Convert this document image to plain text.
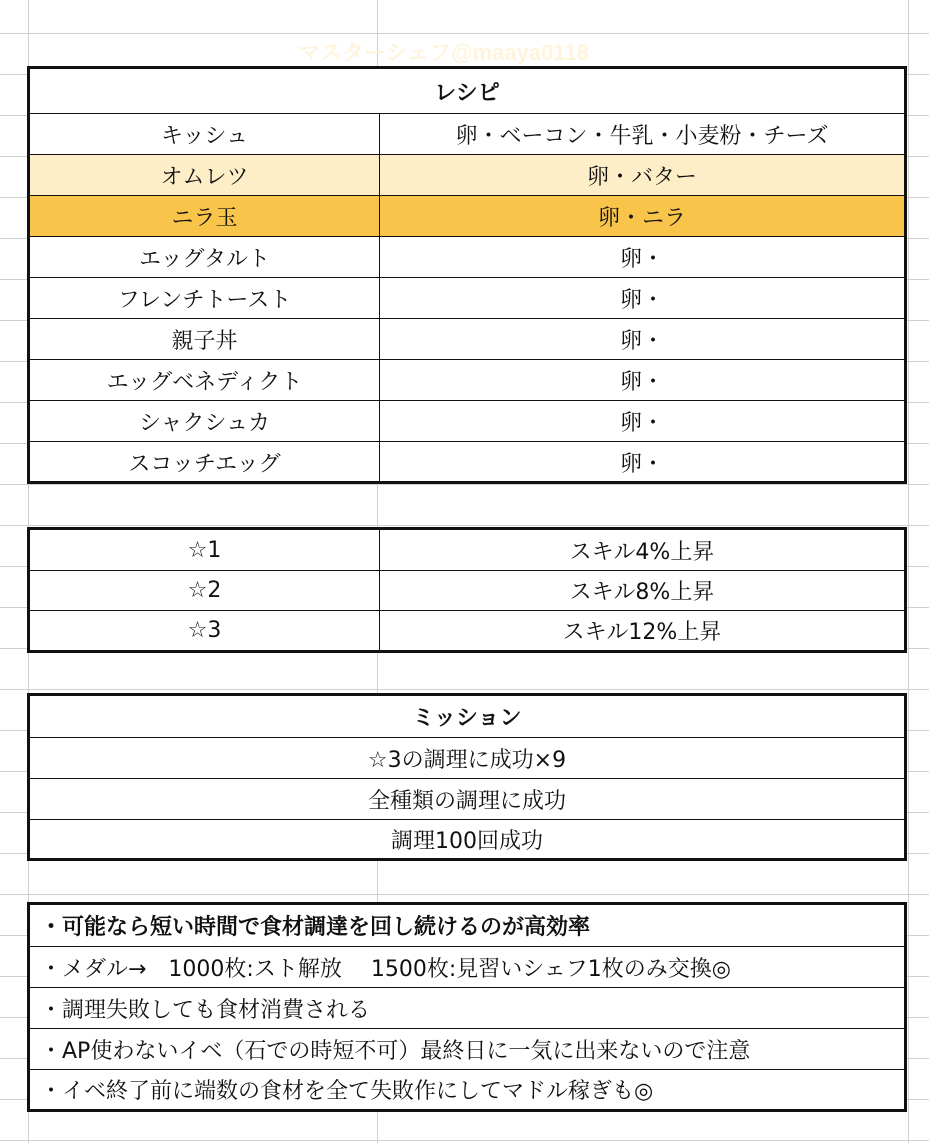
マスターシェフ@maaya0118
レシピ
キッシュ	卵・ベーコン・牛乳・小麦粉・チーズ
オムレツ	卵・バター
ニラ玉	卵・ニラ
エッグタルト	卵・
フレンチトースト	卵・
親子丼	卵・
エッグベネディクト	卵・
シャクシュカ	卵・
スコッチエッグ	卵・
☆1	スキル4%上昇
☆2	スキル8%上昇
☆3	スキル12%上昇
ミッション
☆3の調理に成功×9
全種類の調理に成功
調理100回成功
・可能なら短い時間で食材調達を回し続けるのが高効率
・メダル→　1000枚:スト解放　 1500枚:見習いシェフ1枚のみ交換◎
・調理失敗しても食材消費される
・AP使わないイベ（石での時短不可）最終日に一気に出来ないので注意
・イベ終了前に端数の食材を全て失敗作にしてマドル稼ぎも◎
